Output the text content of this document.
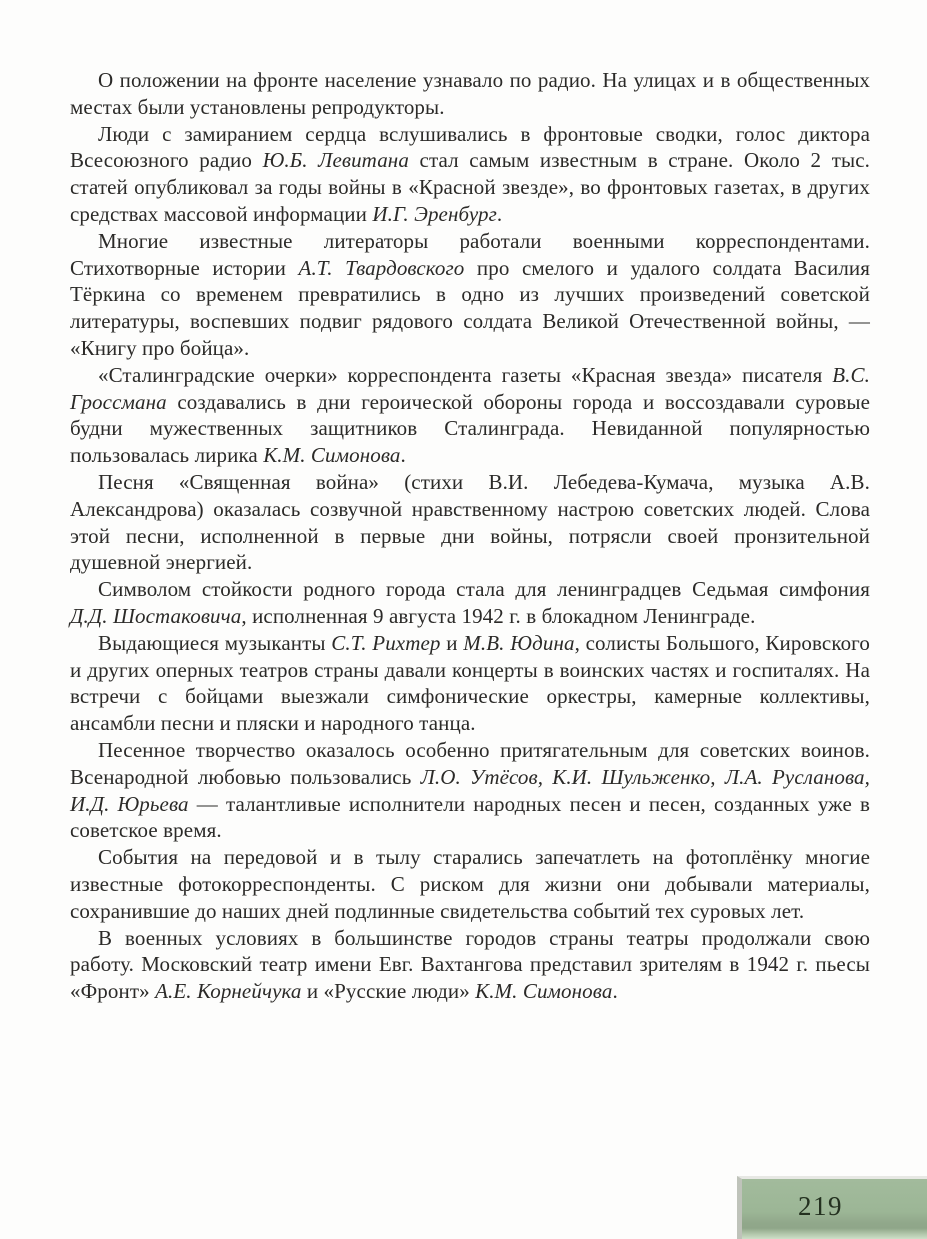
О положении на фронте население узнавало по радио. На улицах и в общественных местах были установлены репродукторы.

Люди с замиранием сердца вслушивались в фронтовые сводки, голос диктора Всесоюзного радио Ю.Б. Левитана стал самым известным в стране. Около 2 тыс. статей опубликовал за годы войны в «Красной звезде», во фронтовых газетах, в других средствах массовой информации И.Г. Эренбург.

Многие известные литераторы работали военными корреспондентами. Стихотворные истории А.Т. Твардовского про смелого и удалого солдата Василия Тёркина со временем превратились в одно из лучших произведений советской литературы, воспевших подвиг рядового солдата Великой Отечественной войны, — «Книгу про бойца».

«Сталинградские очерки» корреспондента газеты «Красная звезда» писателя В.С. Гроссмана создавались в дни героической обороны города и воссоздавали суровые будни мужественных защитников Сталинграда. Невиданной популярностью пользовалась лирика К.М. Симонова.

Песня «Священная война» (стихи В.И. Лебедева-Кумача, музыка А.В. Александрова) оказалась созвучной нравственному настрою советских людей. Слова этой песни, исполненной в первые дни войны, потрясли своей пронзительной душевной энергией.

Символом стойкости родного города стала для ленинградцев Седьмая симфония Д.Д. Шостаковича, исполненная 9 августа 1942 г. в блокадном Ленинграде.

Выдающиеся музыканты С.Т. Рихтер и М.В. Юдина, солисты Большого, Кировского и других оперных театров страны давали концерты в воинских частях и госпиталях. На встречи с бойцами выезжали симфонические оркестры, камерные коллективы, ансамбли песни и пляски и народного танца.

Песенное творчество оказалось особенно притягательным для советских воинов. Всенародной любовью пользовались Л.О. Утёсов, К.И. Шульженко, Л.А. Русланова, И.Д. Юрьева — талантливые исполнители народных песен и песен, созданных уже в советское время.

События на передовой и в тылу старались запечатлеть на фотоплёнку многие известные фотокорреспонденты. С риском для жизни они добывали материалы, сохранившие до наших дней подлинные свидетельства событий тех суровых лет.

В военных условиях в большинстве городов страны театры продолжали свою работу. Московский театр имени Евг. Вахтангова представил зрителям в 1942 г. пьесы «Фронт» А.Е. Корнейчука и «Русские люди» К.М. Симонова.

219
